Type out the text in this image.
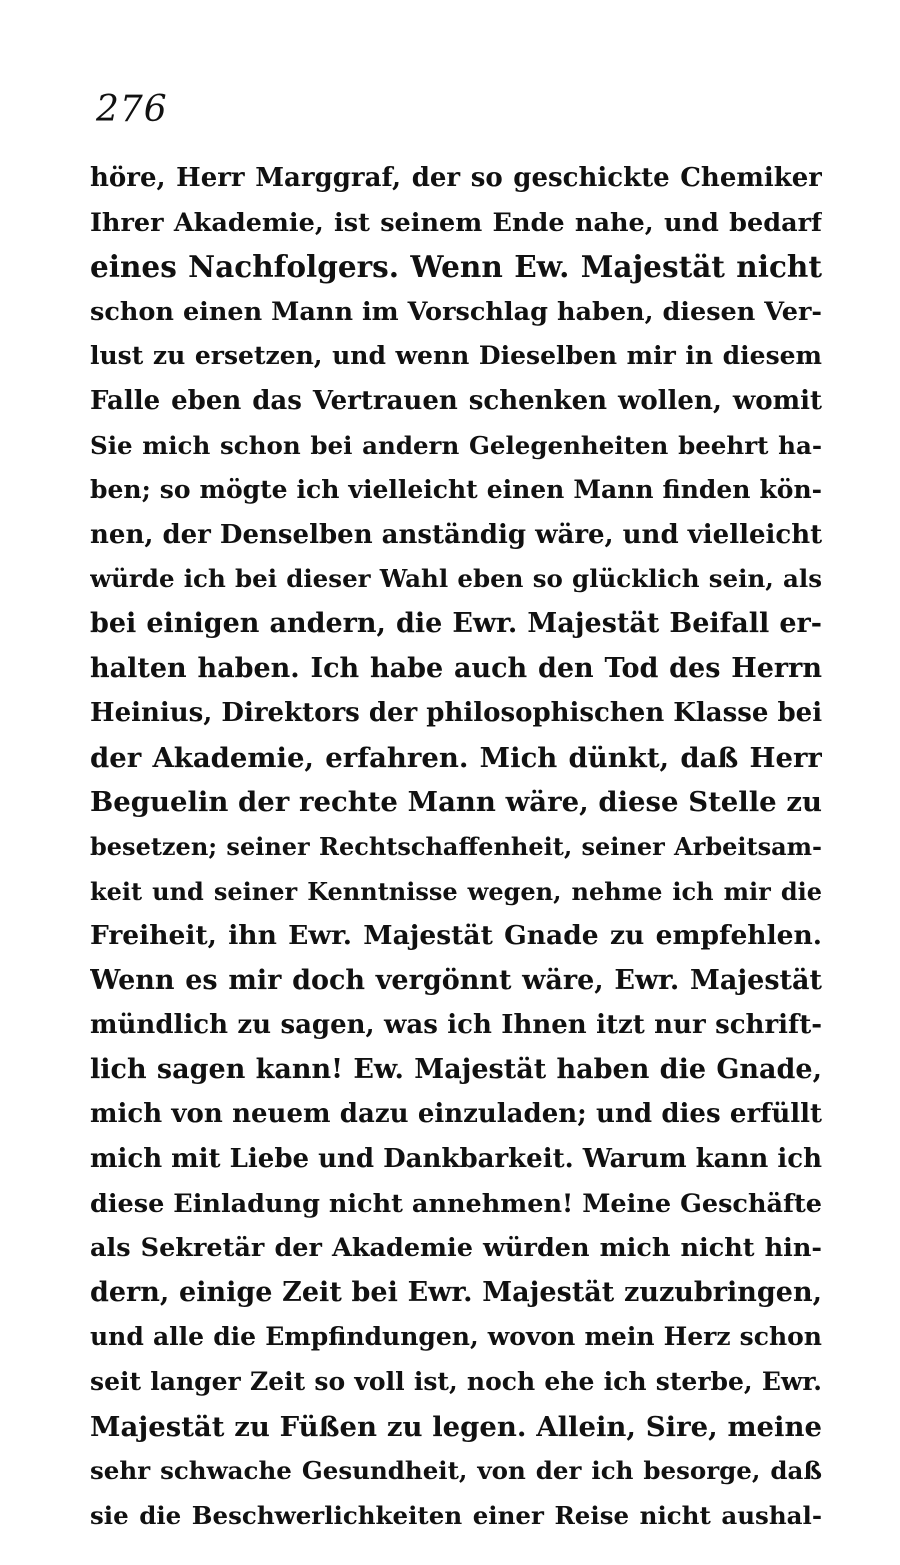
276
höre, Herr Marggraf, der so geschickte Chemiker
Ihrer Akademie, ist seinem Ende nahe, und bedarf
eines Nachfolgers. Wenn Ew. Majestät nicht
schon einen Mann im Vorschlag haben, diesen Ver-
lust zu ersetzen, und wenn Dieselben mir in diesem
Falle eben das Vertrauen schenken wollen, womit
Sie mich schon bei andern Gelegenheiten beehrt ha-
ben; so mögte ich vielleicht einen Mann finden kön-
nen, der Denselben anständig wäre, und vielleicht
würde ich bei dieser Wahl eben so glücklich sein, als
bei einigen andern, die Ewr. Majestät Beifall er-
halten haben. Ich habe auch den Tod des Herrn
Heinius, Direktors der philosophischen Klasse bei
der Akademie, erfahren. Mich dünkt, daß Herr
Beguelin der rechte Mann wäre, diese Stelle zu
besetzen; seiner Rechtschaffenheit, seiner Arbeitsam-
keit und seiner Kenntnisse wegen, nehme ich mir die
Freiheit, ihn Ewr. Majestät Gnade zu empfehlen.
Wenn es mir doch vergönnt wäre, Ewr. Majestät
mündlich zu sagen, was ich Ihnen itzt nur schrift-
lich sagen kann! Ew. Majestät haben die Gnade,
mich von neuem dazu einzuladen; und dies erfüllt
mich mit Liebe und Dankbarkeit. Warum kann ich
diese Einladung nicht annehmen! Meine Geschäfte
als Sekretär der Akademie würden mich nicht hin-
dern, einige Zeit bei Ewr. Majestät zuzubringen,
und alle die Empfindungen, wovon mein Herz schon
seit langer Zeit so voll ist, noch ehe ich sterbe, Ewr.
Majestät zu Füßen zu legen. Allein, Sire, meine
sehr schwache Gesundheit, von der ich besorge, daß
sie die Beschwerlichkeiten einer Reise nicht aushal-
